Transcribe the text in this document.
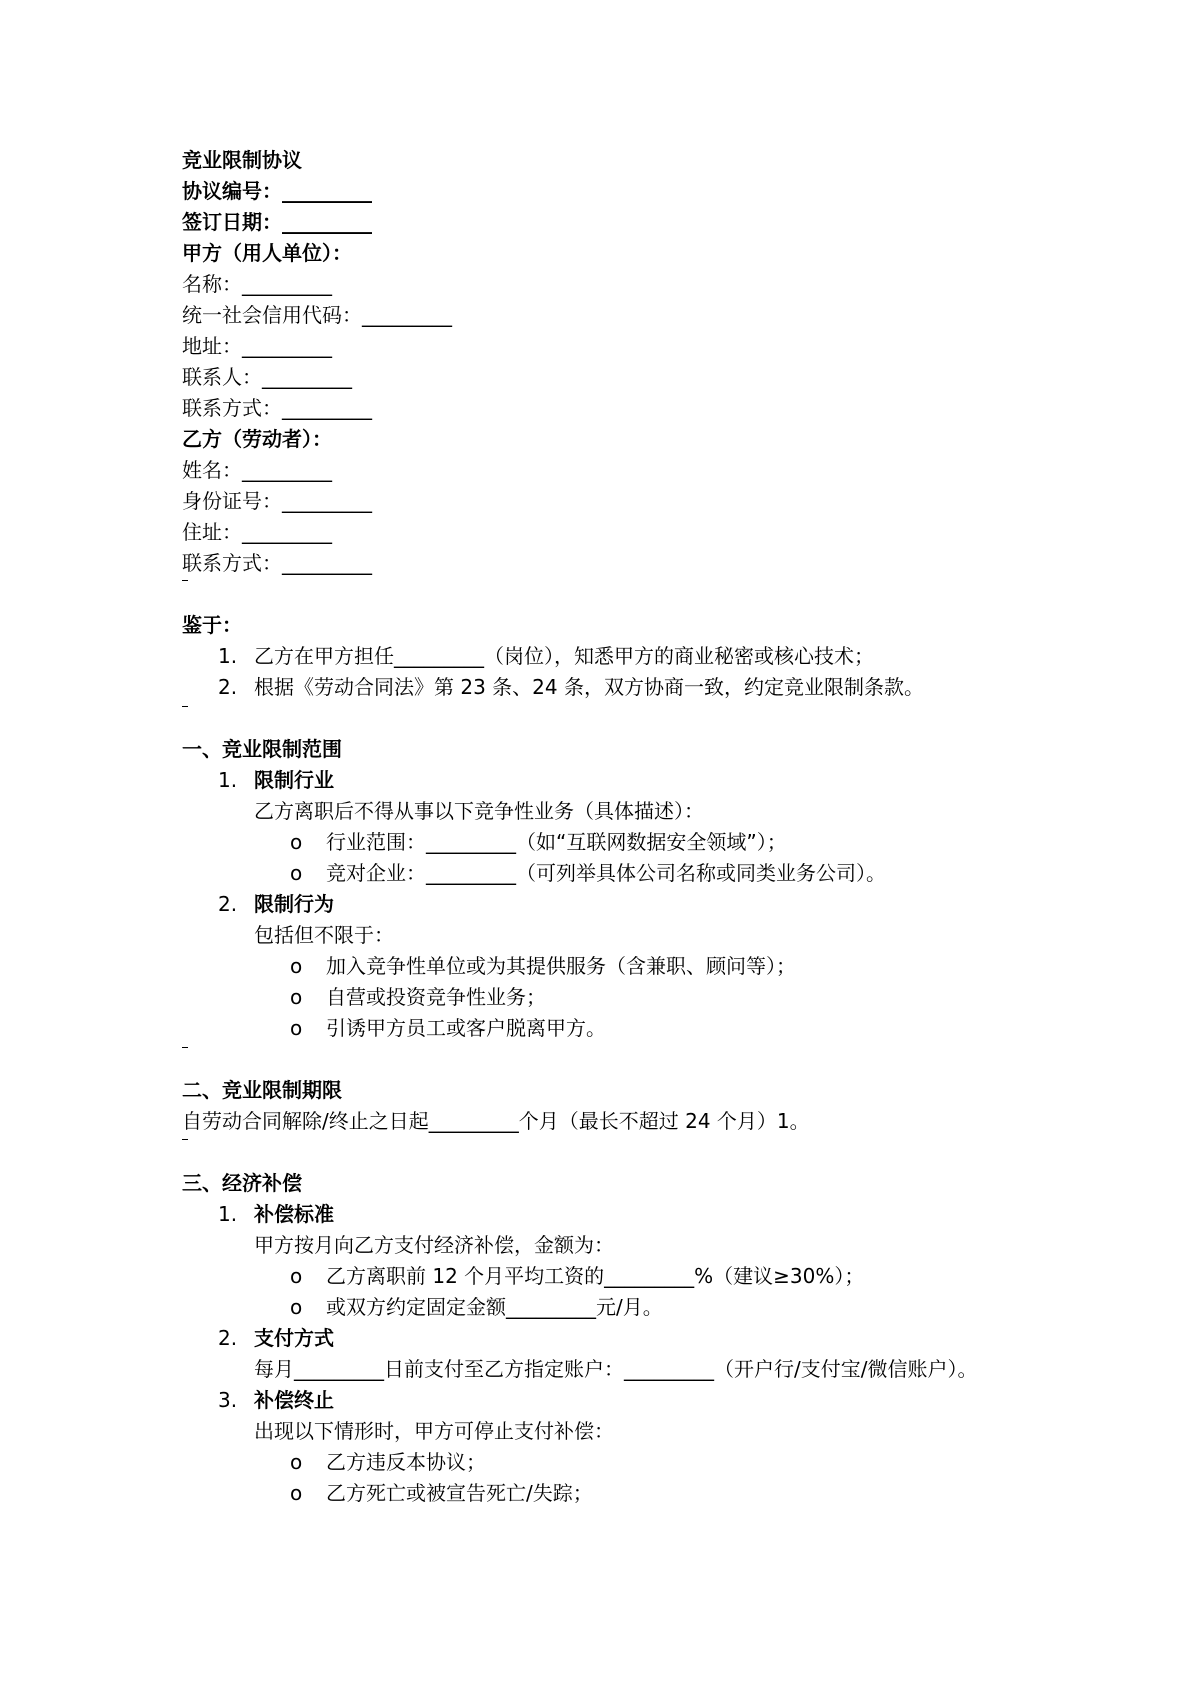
竞业限制协议
协议编号：_________
签订日期：_________
甲方（用人单位）：
名称：_________
统一社会信用代码：_________
地址：_________
联系人：_________
联系方式：_________
乙方（劳动者）：
姓名：_________
身份证号：_________
住址：_________
联系方式：_________
鉴于：
1. 乙方在甲方担任_________（岗位），知悉甲方的商业秘密或核心技术；
2. 根据《劳动合同法》第 23 条、24 条，双方协商一致，约定竞业限制条款。
一、竞业限制范围
1. 限制行业
乙方离职后不得从事以下竞争性业务（具体描述）：
o 行业范围：_________（如“互联网数据安全领域”）；
o 竞对企业：_________（可列举具体公司名称或同类业务公司）。
2. 限制行为
包括但不限于：
o 加入竞争性单位或为其提供服务（含兼职、顾问等）；
o 自营或投资竞争性业务；
o 引诱甲方员工或客户脱离甲方。
二、竞业限制期限
自劳动合同解除/终止之日起_________个月（最长不超过 24 个月）1。
三、经济补偿
1. 补偿标准
甲方按月向乙方支付经济补偿，金额为：
o 乙方离职前 12 个月平均工资的_________%（建议≥30%）；
o 或双方约定固定金额_________元/月。
2. 支付方式
每月_________日前支付至乙方指定账户：_________（开户行/支付宝/微信账户）。
3. 补偿终止
出现以下情形时，甲方可停止支付补偿：
o 乙方违反本协议；
o 乙方死亡或被宣告死亡/失踪；
